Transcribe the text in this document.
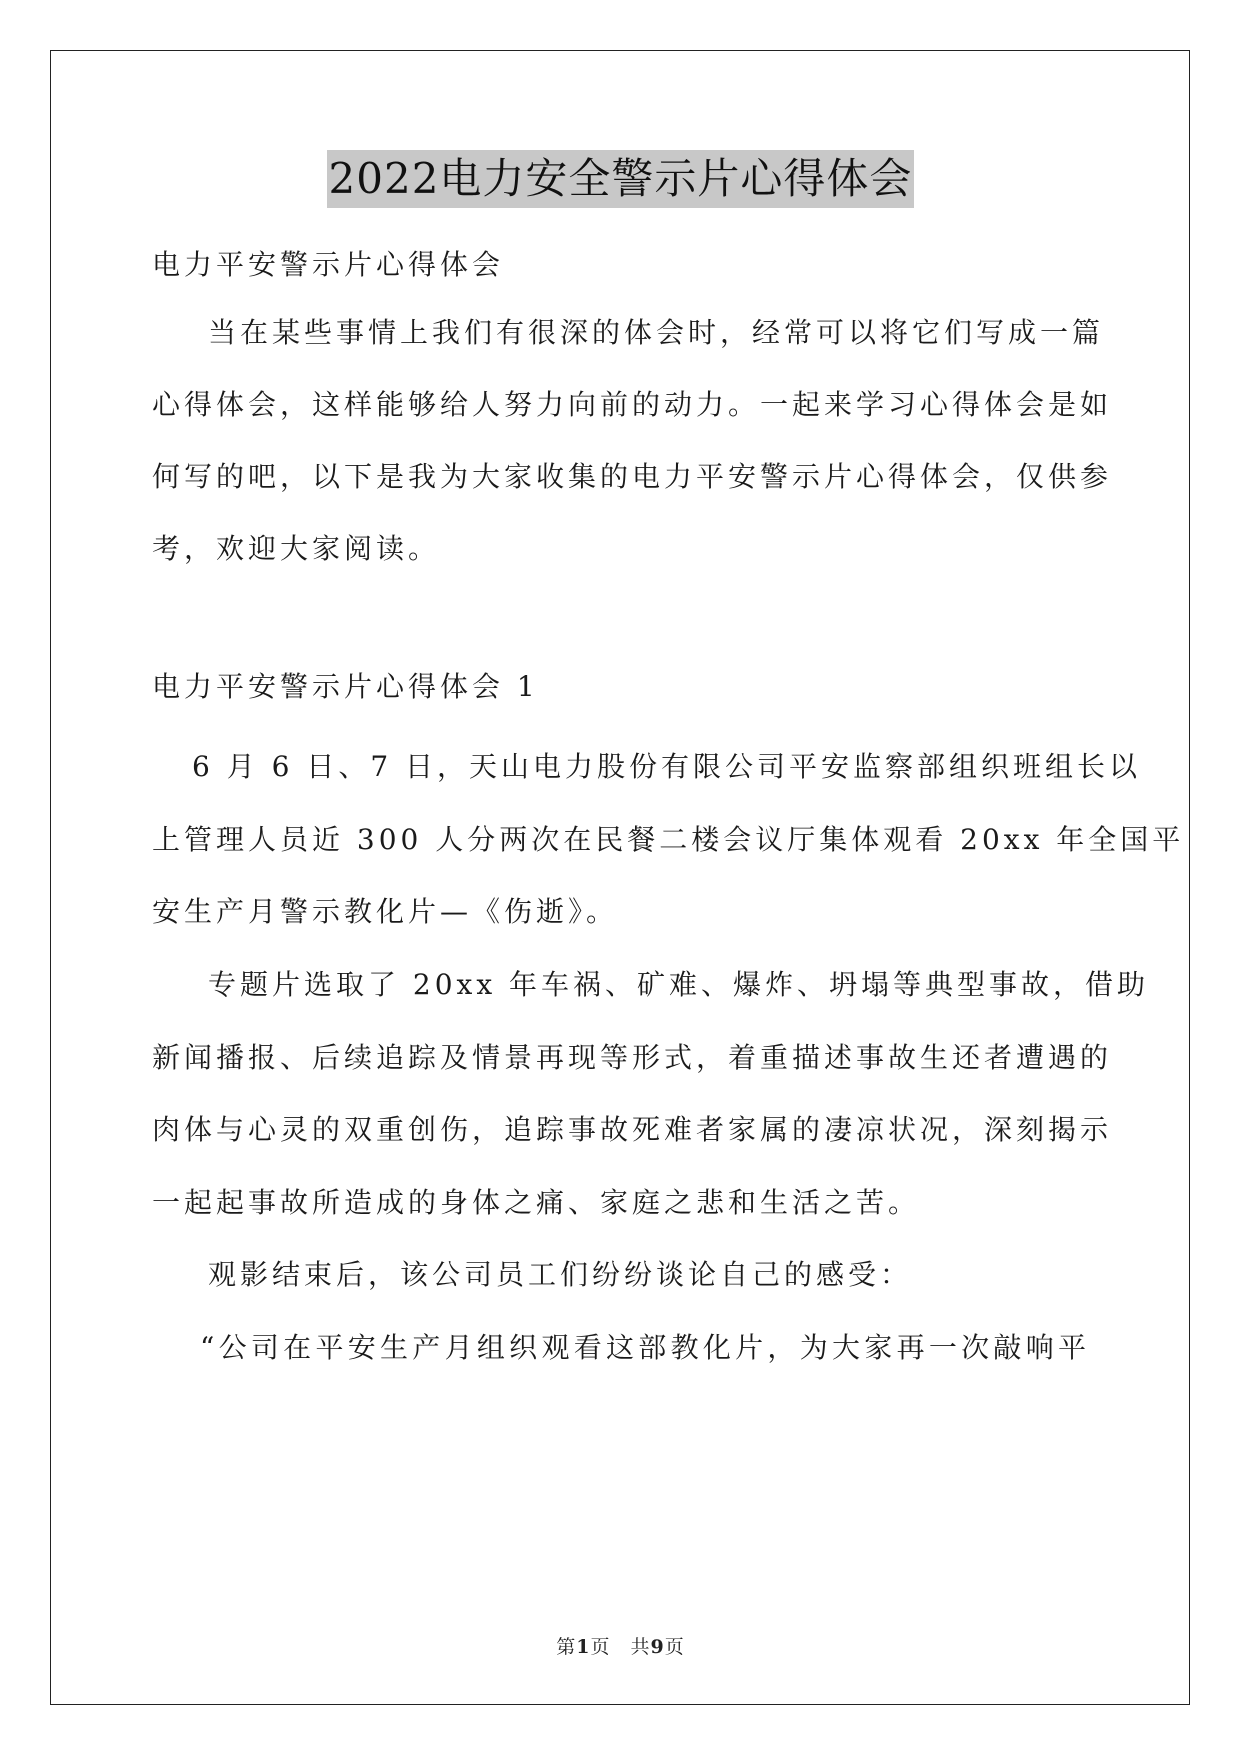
2022电力安全警示片心得体会
电力平安警示片心得体会
当在某些事情上我们有很深的体会时，经常可以将它们写成一篇
心得体会，这样能够给人努力向前的动力。一起来学习心得体会是如
何写的吧，以下是我为大家收集的电力平安警示片心得体会，仅供参
考，欢迎大家阅读。
电力平安警示片心得体会 1
6 月 6 日、7 日，天山电力股份有限公司平安监察部组织班组长以
上管理人员近 300 人分两次在民餐二楼会议厅集体观看 20xx 年全国平
安生产月警示教化片—《伤逝》。
专题片选取了 20xx 年车祸、矿难、爆炸、坍塌等典型事故，借助
新闻播报、后续追踪及情景再现等形式，着重描述事故生还者遭遇的
肉体与心灵的双重创伤，追踪事故死难者家属的凄凉状况，深刻揭示
一起起事故所造成的身体之痛、家庭之悲和生活之苦。
观影结束后，该公司员工们纷纷谈论自己的感受：
“公司在平安生产月组织观看这部教化片，为大家再一次敲响平
第1页　共9页
